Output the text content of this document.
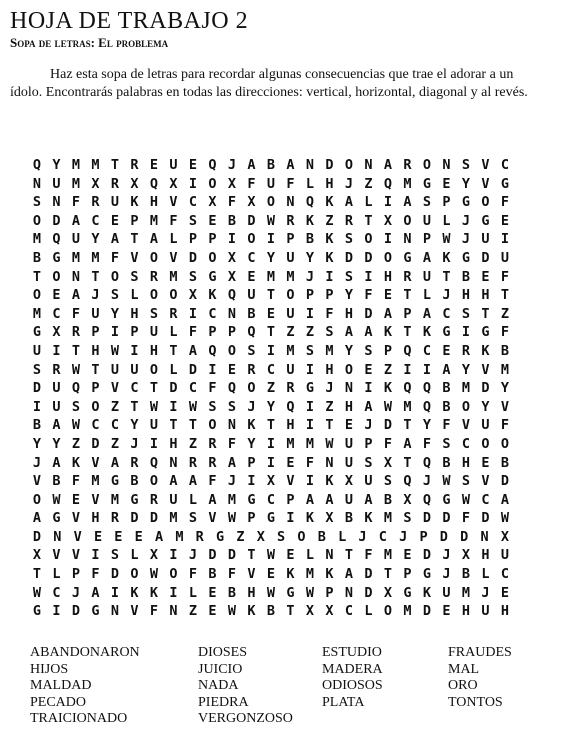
HOJA DE TRABAJO 2
Sopa de letras: El problema

Haz esta sopa de letras para recordar algunas consecuencias que trae el adorar a un ídolo. Encontrarás palabras en todas las direcciones: vertical, horizontal, diagonal y al revés.

Q Y M M T R E U E Q J A B A N D O N A R O N S V C
N U M X R X Q X I O X F U F L H J Z Q M G E Y V G
S N F R U K H V C X F X O N Q K A L I A S P G O F
O D A C E P M F S E B D W R K Z R T X O U L J G E
M Q U Y A T A L P P I O I P B K S O I N P W J U I
B G M M F V O V D O X C Y U Y K D D O G A K G D U
T O N T O S R M S G X E M M J I S I H R U T B E F
O E A J S L O O X K Q U T O P P Y F E T L J H H T
M C F U Y H S R I C N B E U I F H D A P A C S T Z
G X R P I P U L F P P Q T Z Z S A A K T K G I G F
U I T H W I H T A Q O S I M S M Y S P Q C E R K B
S R W T U U O L D I E R C U I H O E Z I I A Y V M
D U Q P V C T D C F Q O Z R G J N I K Q Q B M D Y
I U S O Z T W I W S S J Y Q I Z H A W M Q B O Y V
B A W C C Y U T T O N K T H I T E J D T Y F V U F
Y Y Z D Z J I H Z R F Y I M M W U P F A F S C O O
J A K V A R Q N R R A P I E F N U S X T Q B H E B
V B F M G B O A A F J I X V I K X U S Q J W S V D
O W E V M G R U L A M G C P A A U A B X Q G W C A
A G V H R D D M S V W P G I K X B K M S D D F D W
D N V E E E A M R G Z X S O B L J C J P D D N X
X V V I S L X I J D D T W E L N T F M E D J X H U
T L P F D O W O F B F V E K M K A D T P G J B L C
W C J A I K K I L E B H W G W P N D X G K U M J E
G I D G N V F N Z E W K B T X X C L O M D E H U H
ABANDONARON
HIJOS
MALDAD
PECADO
TRAICIONADO
DIOSES
JUICIO
NADA
PIEDRA
VERGONZOSO
ESTUDIO
MADERA
ODIOSOS
PLATA
FRAUDES
MAL
ORO
TONTOS
